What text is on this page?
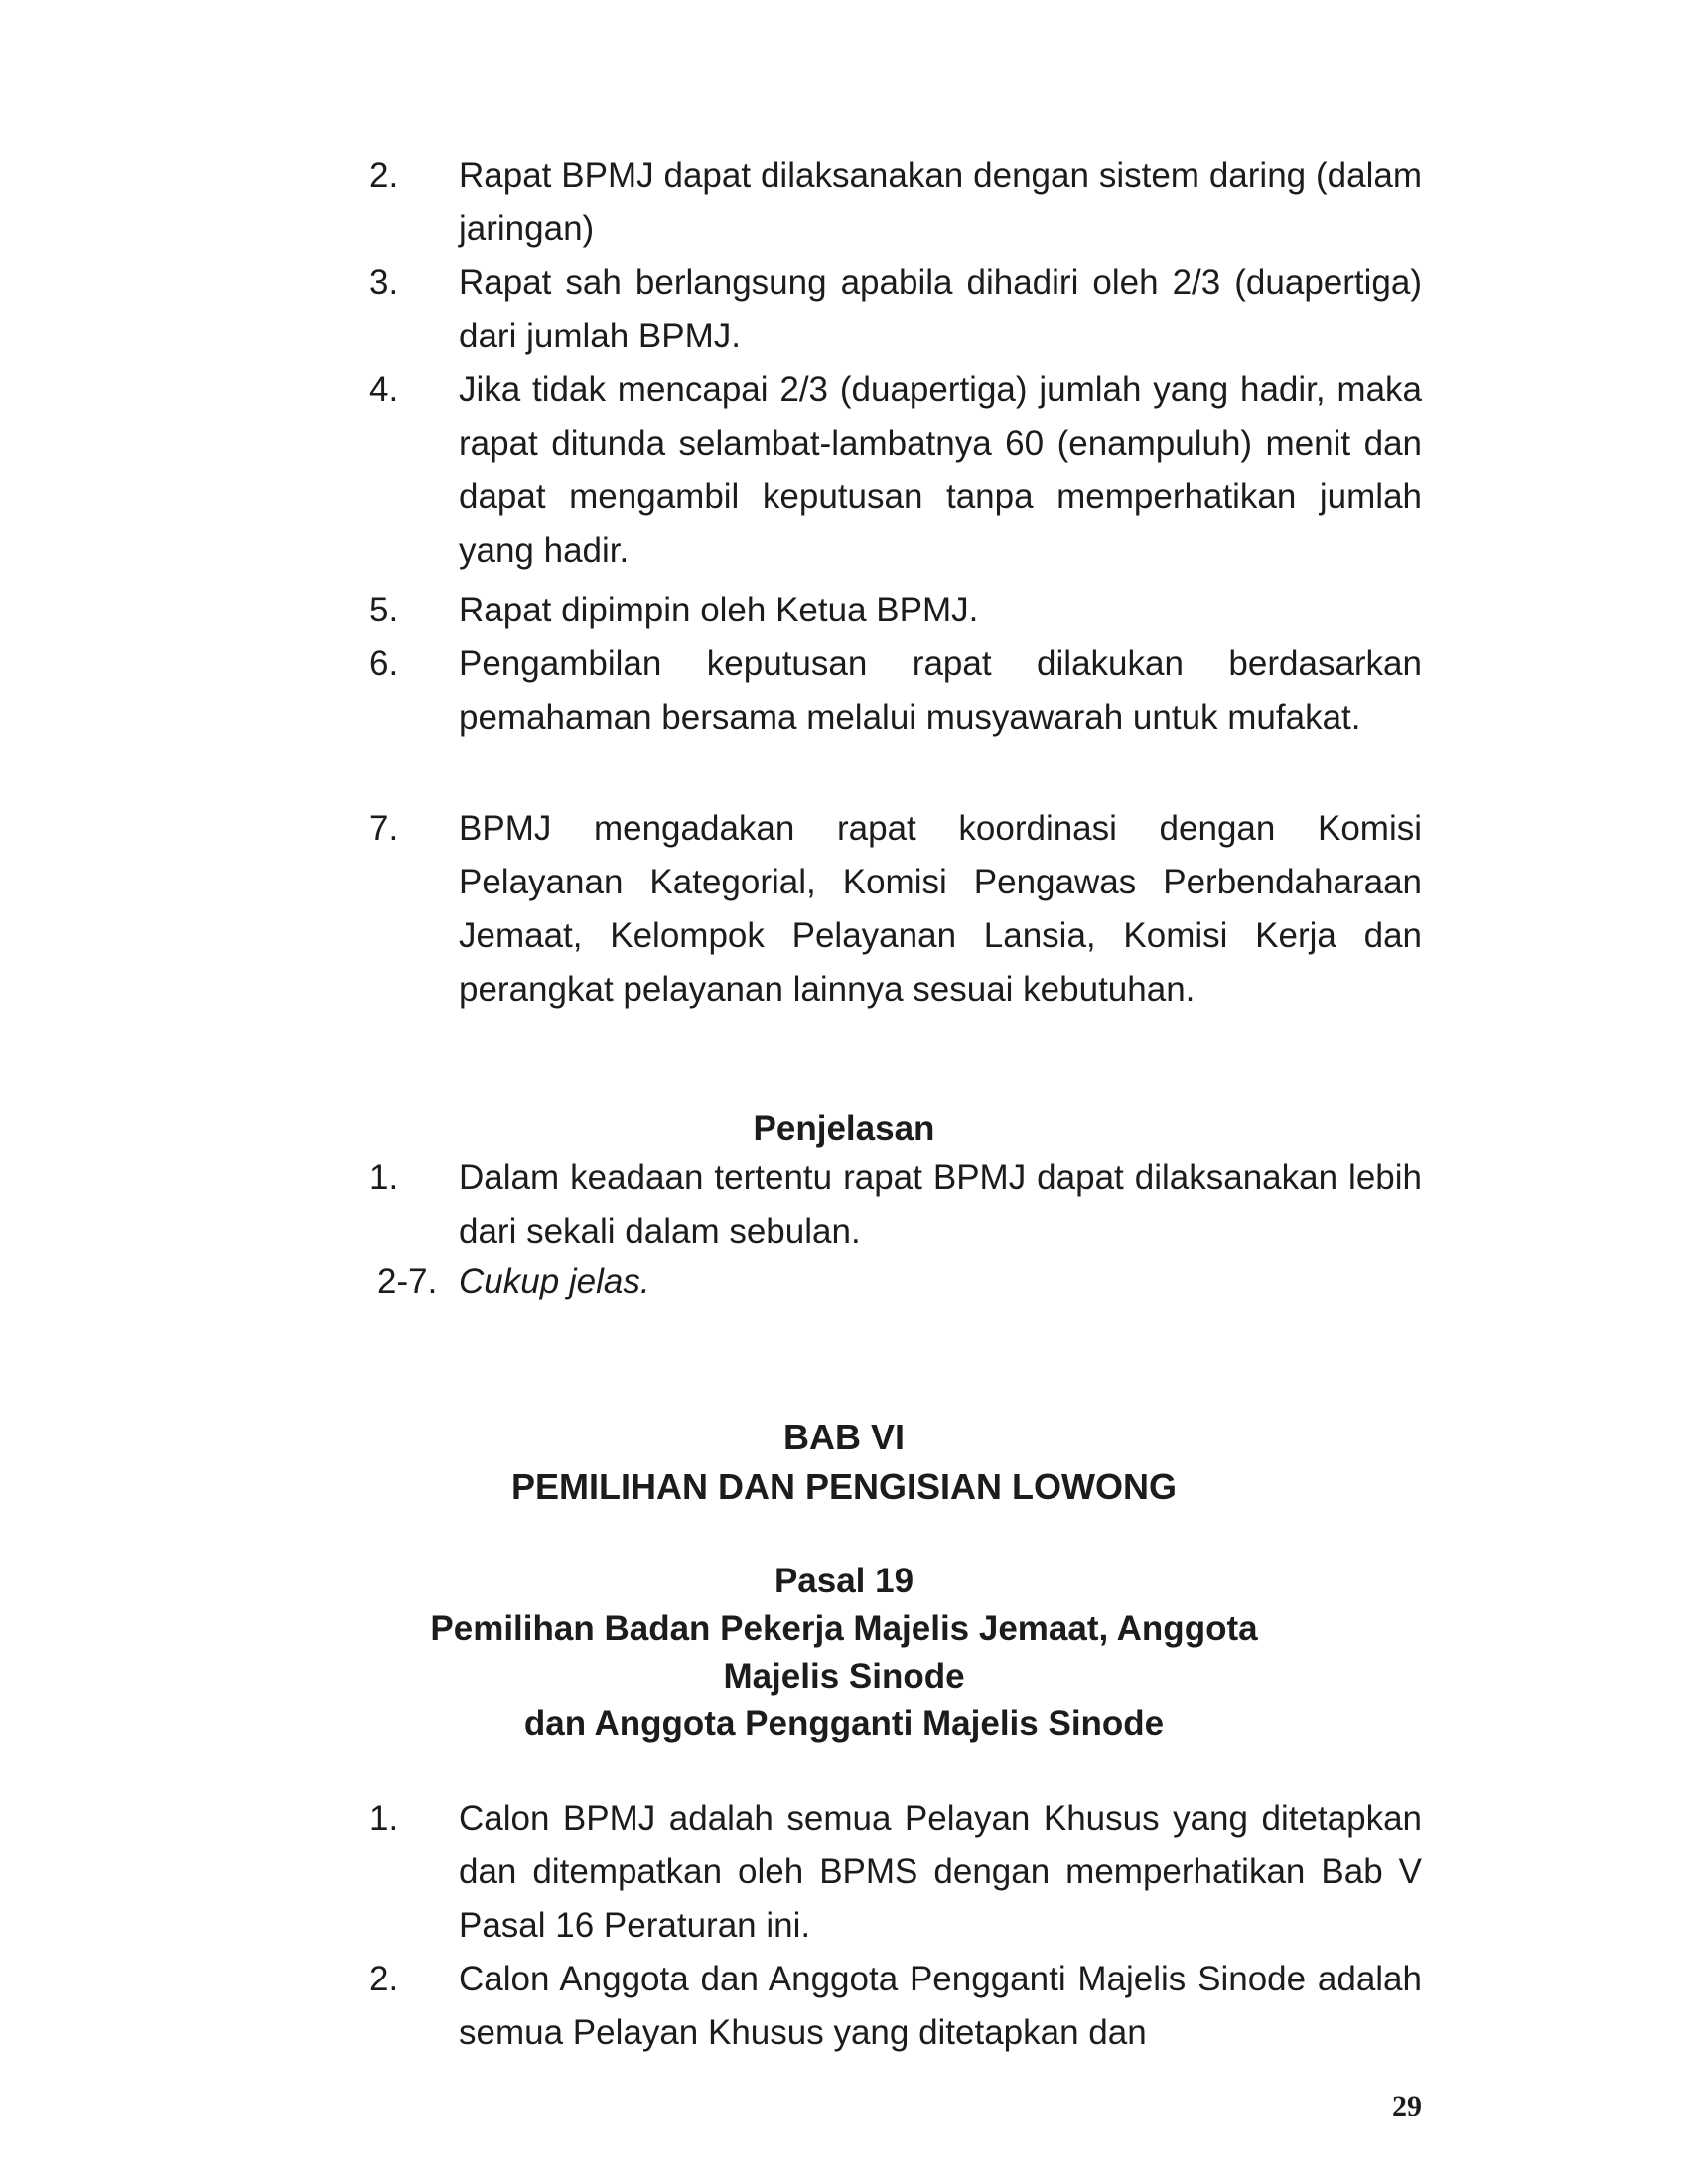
2.	Rapat BPMJ dapat dilaksanakan dengan sistem daring (dalam jaringan)
3.	Rapat sah berlangsung apabila dihadiri oleh 2/3 (duapertiga) dari jumlah BPMJ.
4.	Jika tidak mencapai 2/3 (duapertiga) jumlah yang hadir, maka rapat ditunda selambat-lambatnya 60 (enampuluh) menit dan dapat mengambil keputusan tanpa memperhatikan jumlah yang hadir.
5.	Rapat dipimpin oleh Ketua BPMJ.
6.	Pengambilan keputusan rapat dilakukan berdasarkan pemahaman bersama melalui musyawarah untuk mufakat.
7.	BPMJ mengadakan rapat koordinasi dengan Komisi Pelayanan Kategorial, Komisi Pengawas Perbendaharaan Jemaat, Kelompok Pelayanan Lansia, Komisi Kerja dan perangkat pelayanan lainnya sesuai kebutuhan.
Penjelasan
1.	Dalam keadaan tertentu rapat BPMJ dapat dilaksanakan lebih dari sekali dalam sebulan.
2-7. Cukup jelas.
BAB VI
PEMILIHAN DAN PENGISIAN LOWONG
Pasal 19
Pemilihan Badan Pekerja Majelis Jemaat, Anggota
Majelis Sinode
dan Anggota Pengganti Majelis Sinode
1.	Calon BPMJ adalah semua Pelayan Khusus yang ditetapkan dan ditempatkan oleh BPMS dengan memperhatikan Bab V Pasal 16 Peraturan ini.
2.	Calon Anggota dan Anggota Pengganti Majelis Sinode adalah semua Pelayan Khusus yang ditetapkan dan
29
